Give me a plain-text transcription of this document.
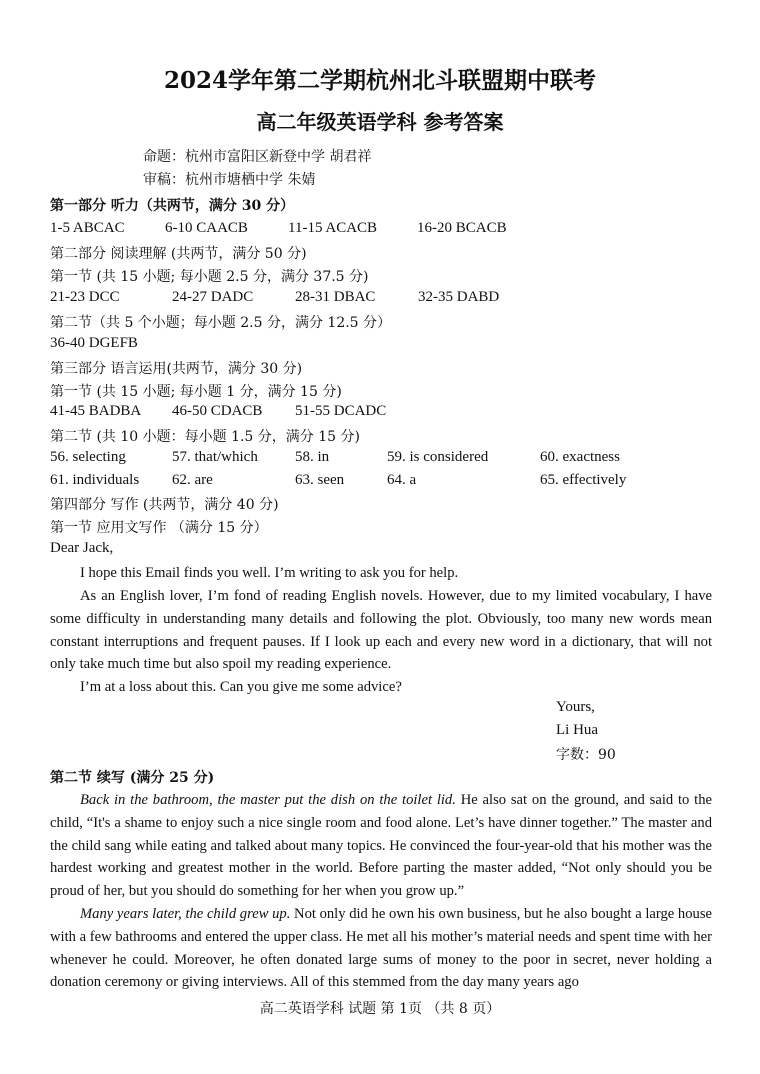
2024学年第二学期杭州北斗联盟期中联考
高二年级英语学科 参考答案
命题：杭州市富阳区新登中学 胡君祥
审稿：杭州市塘栖中学 朱婧
第一部分 听力（共两节，满分 30 分）
1-5 ABCAC	6-10 CAACB	11-15 ACACB	16-20 BCACB
第二部分 阅读理解 (共两节，满分 50 分)
第一节 (共 15 小题; 每小题 2.5 分，满分 37.5 分)
21-23 DCC	24-27 DADC	28-31 DBAC	32-35 DABD
第二节（共 5 个小题；每小题 2.5 分，满分 12.5 分）
36-40 DGEFB
第三部分 语言运用(共两节，满分 30 分)
第一节 (共 15 小题; 每小题 1 分，满分 15 分)
41-45 BADBA 46-50 CDACB 51-55 DCADC
第二节 (共 10 小题：每小题 1.5 分，满分 15 分)
56. selecting	57. that/which 58. in	59. is considered	60. exactness
61. individuals 62. are	63. seen	64. a	65. effectively
第四部分 写作 (共两节，满分 40 分)
第一节 应用文写作 （满分 15 分）
Dear Jack,
I hope this Email finds you well. I’m writing to ask you for help.
As an English lover, I’m fond of reading English novels. However, due to my limited vocabulary, I have some difficulty in understanding many details and following the plot. Obviously, too many new words mean constant interruptions and frequent pauses. If I look up each and every new word in a dictionary, that will not only take much time but also spoil my reading experience.
I’m at a loss about this. Can you give me some advice?
Yours,
Li Hua
字数：90
第二节 续写 (满分 25 分)
Back in the bathroom, the master put the dish on the toilet lid. He also sat on the ground, and said to the child, “It's a shame to enjoy such a nice single room and food alone. Let’s have dinner together.” The master and the child sang while eating and talked about many topics. He convinced the four-year-old that his mother was the hardest working and greatest mother in the world. Before parting the master added, “Not only should you be proud of her, but you should do something for her when you grow up.”
Many years later, the child grew up. Not only did he own his own business, but he also bought a large house with a few bathrooms and entered the upper class. He met all his mother’s material needs and spent time with her whenever he could. Moreover, he often donated large sums of money to the poor in secret, never holding a donation ceremony or giving interviews. All of this stemmed from the day many years ago
高二英语学科 试题 第 1页 （共 8 页）
